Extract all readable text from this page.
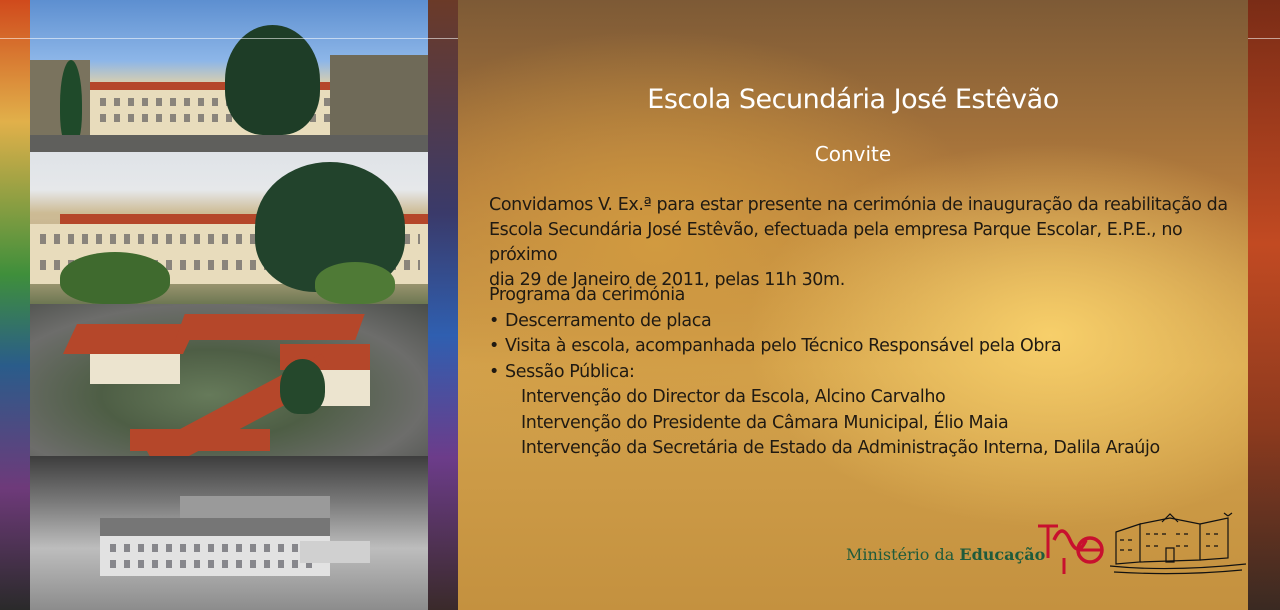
Escola Secundária José Estêvão
Convite
Convidamos V. Ex.ª para estar presente na cerimónia de inauguração da reabilitação da
Escola Secundária José Estêvão, efectuada pela empresa Parque Escolar, E.P.E., no próximo
dia 29 de Janeiro de 2011, pelas 11h 30m.
Programa da cerimónia
• Descerramento de placa
• Visita à escola, acompanhada pelo Técnico Responsável pela Obra
• Sessão Pública:
Intervenção do Director da Escola, Alcino Carvalho
Intervenção do Presidente da Câmara Municipal, Élio Maia
Intervenção da Secretária de Estado da Administração Interna, Dalila Araújo
Ministério da Educação
